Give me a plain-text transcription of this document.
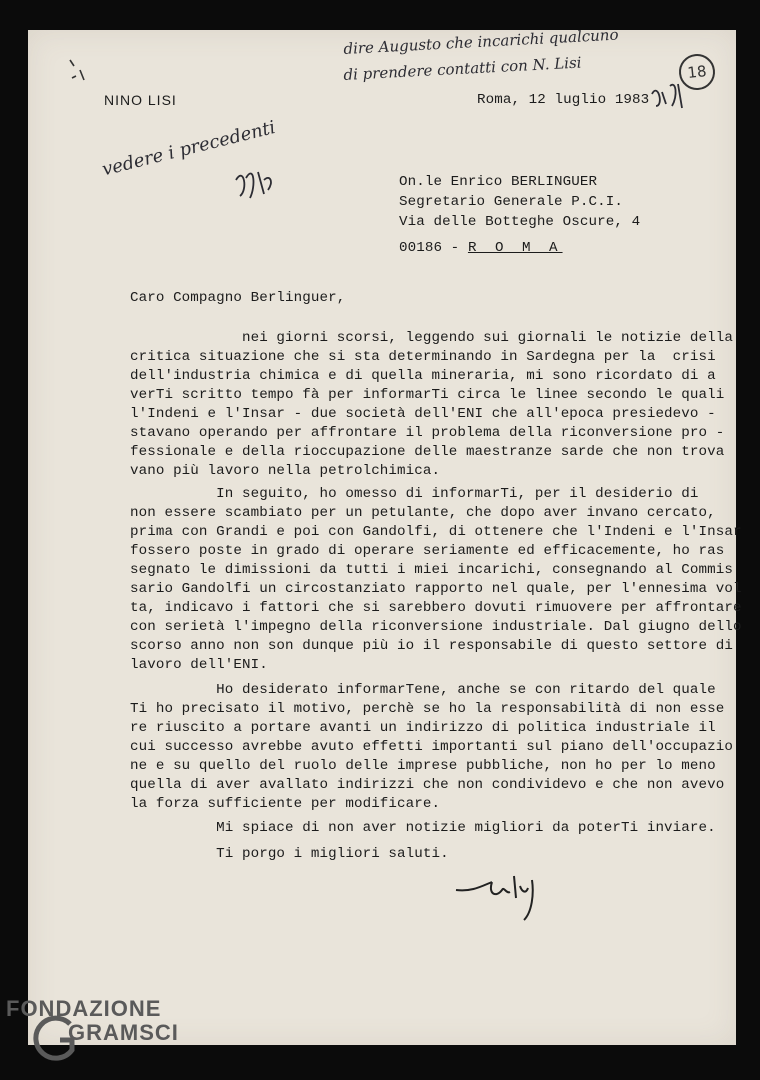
NINO LISI	Roma, 12 luglio 1983
18
dire Augusto che incarichi qualcuno
di prendere contatti con N. Lisi
vedere i precedenti
On.le Enrico BERLINGUER
Segretario Generale P.C.I.
Via delle Botteghe Oscure, 4
00186 - R O M A
Caro Compagno Berlinguer,
nei giorni scorsi, leggendo sui giornali le notizie della
critica situazione che si sta determinando in Sardegna per la  crisi
dell'industria chimica e di quella mineraria, mi sono ricordato di a
verTi scritto tempo fà per informarTi circa le linee secondo le quali
l'Indeni e l'Insar - due società dell'ENI che all'epoca presiedevo -
stavano operando per affrontare il problema della riconversione pro -
fessionale e della rioccupazione delle maestranze sarde che non trova
vano più lavoro nella petrolchimica.
In seguito, ho omesso di informarTi, per il desiderio di
non essere scambiato per un petulante, che dopo aver invano cercato,
prima con Grandi e poi con Gandolfi, di ottenere che l'Indeni e l'Insar
fossero poste in grado di operare seriamente ed efficacemente, ho ras
segnato le dimissioni da tutti i miei incarichi, consegnando al Commis
sario Gandolfi un circostanziato rapporto nel quale, per l'ennesima vol
ta, indicavo i fattori che si sarebbero dovuti rimuovere per affrontare
con serietà l'impegno della riconversione industriale. Dal giugno dello
scorso anno non son dunque più io il responsabile di questo settore di
lavoro dell'ENI.
Ho desiderato informarTene, anche se con ritardo del quale
Ti ho precisato il motivo, perchè se ho la responsabilità di non esse
re riuscito a portare avanti un indirizzo di politica industriale il
cui successo avrebbe avuto effetti importanti sul piano dell'occupazio
ne e su quello del ruolo delle imprese pubbliche, non ho per lo meno
quella di aver avallato indirizzi che non condividevo e che non avevo
la forza sufficiente per modificare.
Mi spiace di non aver notizie migliori da poterTi inviare.
Ti porgo i migliori saluti.
FONDAZIONE
GRAMSCI
